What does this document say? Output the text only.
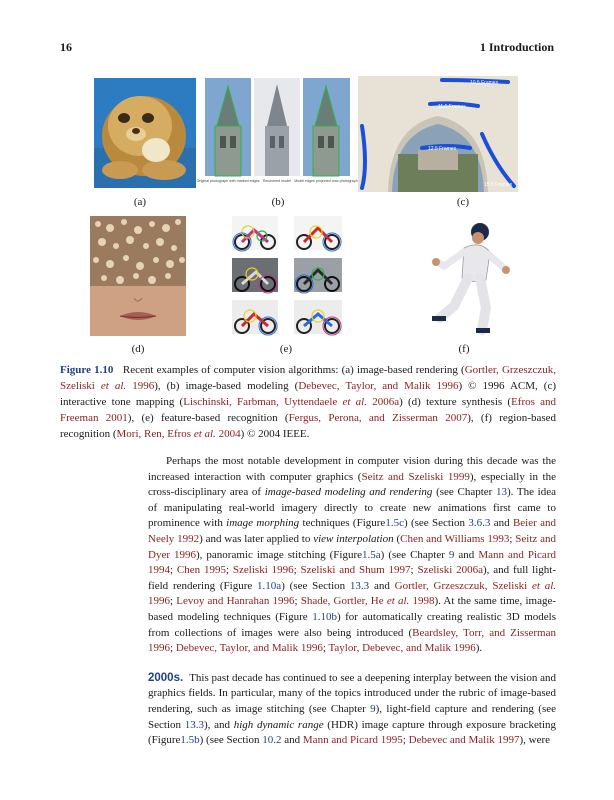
16	1 Introduction
(a)
Original photograph with marked edges Recovered model Model edges projected onto photograph
(b)
10.5 Frames
11.5 Frames
12.5 Frames
15.5 Frames
(c)
(d)	(e)	(f)
Figure 1.10 Recent examples of computer vision algorithms: (a) image-based rendering (Gortler, Grzeszczuk, Szeliski et al. 1996), (b) image-based modeling (Debevec, Taylor, and Malik 1996) © 1996 ACM, (c) interactive tone mapping (Lischinski, Farbman, Uyttendaele et al. 2006a) (d) texture synthesis (Efros and Freeman 2001), (e) feature-based recognition (Fergus, Perona, and Zisserman 2007), (f) region-based recognition (Mori, Ren, Efros et al. 2004) © 2004 IEEE.

Perhaps the most notable development in computer vision during this decade was the increased interaction with computer graphics (Seitz and Szeliski 1999), especially in the cross-disciplinary area of image-based modeling and rendering (see Chapter 13). The idea of manipulating real-world imagery directly to create new animations first came to prominence with image morphing techniques (Figure1.5c) (see Section 3.6.3 and Beier and Neely 1992) and was later applied to view interpolation (Chen and Williams 1993; Seitz and Dyer 1996), panoramic image stitching (Figure1.5a) (see Chapter 9 and Mann and Picard 1994; Chen 1995; Szeliski 1996; Szeliski and Shum 1997; Szeliski 2006a), and full light-field rendering (Figure 1.10a) (see Section 13.3 and Gortler, Grzeszczuk, Szeliski et al. 1996; Levoy and Hanrahan 1996; Shade, Gortler, He et al. 1998). At the same time, image-based modeling techniques (Figure 1.10b) for automatically creating realistic 3D models from collections of images were also being introduced (Beardsley, Torr, and Zisserman 1996; Debevec, Taylor, and Malik 1996; Taylor, Debevec, and Malik 1996).

2000s. This past decade has continued to see a deepening interplay between the vision and graphics fields. In particular, many of the topics introduced under the rubric of image-based rendering, such as image stitching (see Chapter 9), light-field capture and rendering (see Section 13.3), and high dynamic range (HDR) image capture through exposure bracketing (Figure1.5b) (see Section 10.2 and Mann and Picard 1995; Debevec and Malik 1997), were
